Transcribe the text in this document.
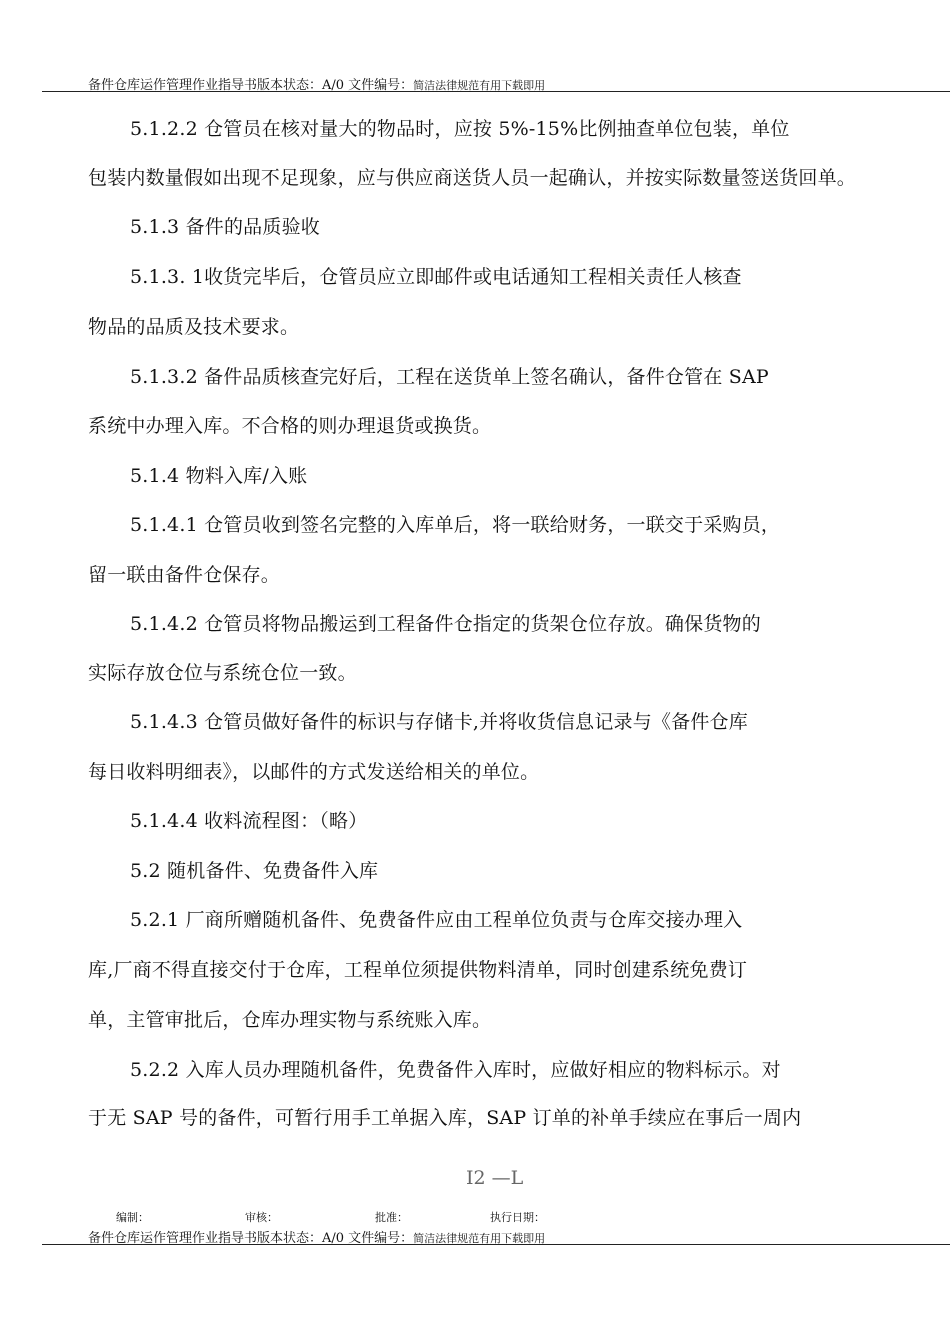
备件仓库运作管理作业指导书版本状态：A/0 文件编号：简洁法律规范有用下载即用
5.1.2.2 仓管员在核对量大的物品时，应按 5%-15%比例抽查单位包装，单位
包装内数量假如出现不足现象，应与供应商送货人员一起确认，并按实际数量签送货回单。
5.1.3 备件的品质验收
5.1.3. 1收货完毕后，仓管员应立即邮件或电话通知工程相关责任人核查
物品的品质及技术要求。
5.1.3.2 备件品质核查完好后，工程在送货单上签名确认，备件仓管在 SAP
系统中办理入库。不合格的则办理退货或换货。
5.1.4 物料入库/入账
5.1.4.1 仓管员收到签名完整的入库单后，将一联给财务，一联交于采购员，
留一联由备件仓保存。
5.1.4.2 仓管员将物品搬运到工程备件仓指定的货架仓位存放。确保货物的
实际存放仓位与系统仓位一致。
5.1.4.3 仓管员做好备件的标识与存储卡,并将收货信息记录与《备件仓库
每日收料明细表》，以邮件的方式发送给相关的单位。
5.1.4.4 收料流程图：（略）
5.2 随机备件、免费备件入库
5.2.1 厂商所赠随机备件、免费备件应由工程单位负责与仓库交接办理入
库,厂商不得直接交付于仓库，工程单位须提供物料清单，同时创建系统免费订
单，主管审批后，仓库办理实物与系统账入库。
5.2.2 入库人员办理随机备件，免费备件入库时，应做好相应的物料标示。对
于无 SAP 号的备件，可暂行用手工单据入库，SAP 订单的补单手续应在事后一周内
I2 —L
编制：	审核：	批准：	执行日期：
备件仓库运作管理作业指导书版本状态：A/0 文件编号：简洁法律规范有用下载即用
